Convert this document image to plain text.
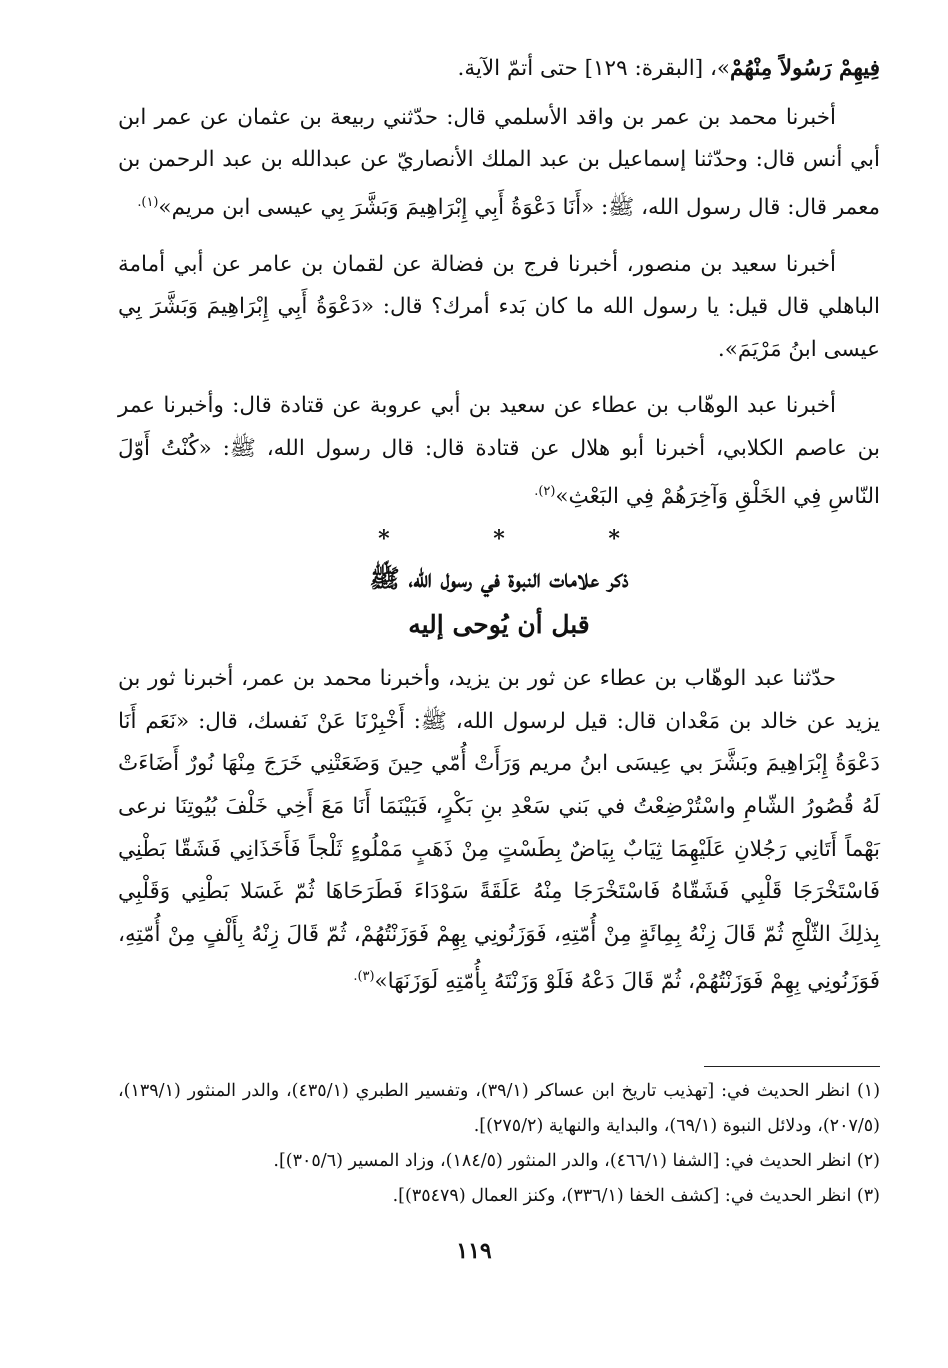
فِيهِمْ رَسُولاً مِنْهُمْ»، [البقرة: ١٢٩] حتى أتمّ الآية.

أخبرنا محمد بن عمر بن واقد الأسلمي قال: حدّثني ربيعة بن عثمان عن عمر ابن أبي أنس قال: وحدّثنا إسماعيل بن عبد الملك الأنصاريّ عن عبدالله بن عبد الرحمن بن معمر قال: قال رسول الله، ﷺ: «أَنَا دَعْوَةُ أَبِي إِبْرَاهِيمَ وَبَشَّرَ بِي عيسى ابن مريم»$^{(١).}$

أخبرنا سعيد بن منصور، أخبرنا فرج بن فضالة عن لقمان بن عامر عن أبي أمامة الباهلي قال قيل: يا رسول الله ما كان بَدء أمرك؟ قال: «دَعْوَةُ أَبِي إِبْرَاهِيمَ وَبَشَّرَ بِي عيسى ابنُ مَرْيَمَ».

أخبرنا عبد الوهّاب بن عطاء عن سعيد بن أبي عروبة عن قتادة قال: وأخبرنا عمر بن عاصم الكلابي، أخبرنا أبو هلال عن قتادة قال: قال رسول الله، ﷺ: «كُنْتُ أَوّلَ النّاسِ فِي الخَلْقِ وَآخِرَهُمْ فِي البَعْثِ»$^{(٢).}$

* * *

ذكر علامات النبوة في رسول الله، ﷺ

قبل أن يُوحى إليه

حدّثنا عبد الوهّاب بن عطاء عن ثور بن يزيد، وأخبرنا محمد بن عمر، أخبرنا ثور بن يزيد عن خالد بن مَعْدان قال: قيل لرسول الله، ﷺ: أَخْبِرْنَا عَنْ نَفسك، قال: «نَعَم أَنَا دَعْوَةُ إِبْرَاهِيمَ وبَشَّرَ بي عِيسَى ابنُ مريم وَرَأَتْ أُمّي حِينَ وَضَعَتْنِي خَرَجَ مِنْهَا نُورٌ أَضَاءَتْ لَهُ قُصُورُ الشّامِ واسْتُرْضِعْتُ في بَني سَعْدِ بنِ بَكْرٍ، فَبَيْنَمَا أَنَا مَعَ أَخِي خَلْفَ بُيُوتِنَا نرعى بَهْماً أَتَانِي رَجُلانِ عَلَيْهِمَا ثِيَابٌ بِيَاضٌ بِطَسْتٍ مِنْ ذَهَبٍ مَمْلُوءٍ ثَلْجاً فَأَخَذَانِي فَشَقّا بَطْنِي فَاسْتَخْرَجَا قَلْبِي فَشَقّاهُ فَاسْتَخْرَجَا مِنْهُ عَلَقَةً سَوْدَاءَ فَطَرَحَاهَا ثُمّ غَسَلا بَطْنِي وَقَلْبِي بِذلِكَ الثّلْجِ ثُمّ قَالَ زِنْهُ بِمِائَةٍ مِنْ أُمّتِهِ، فَوَزَنُونِي بِهِمْ فَوَزَنْتُهُمْ، ثُمّ قَالَ زِنْهُ بِأَلْفٍ مِنْ أُمّتِهِ، فَوَزَنُونِي بِهِمْ فَوَزَنْتُهُمْ، ثُمّ قَالَ دَعْهُ فَلَوْ وَزَنْتَهُ بِأُمّتِهِ لَوَزَنَهَا»$^{(٣).}$

(١) انظر الحديث في: [تهذيب تاريخ ابن عساكر (٣٩/١)، وتفسير الطبري (٤٣٥/١)، والدر المنثور (١٣٩/١)، (٢٠٧/٥)، ودلائل النبوة (٦٩/١)، والبداية والنهاية (٢٧٥/٢)].

(٢) انظر الحديث في: [الشفا (٤٦٦/١)، والدر المنثور (١٨٤/٥)، وزاد المسير (٣٠٥/٦)].

(٣) انظر الحديث في: [كشف الخفا (٣٣٦/١)، وكنز العمال (٣٥٤٧٩)].

١١٩
